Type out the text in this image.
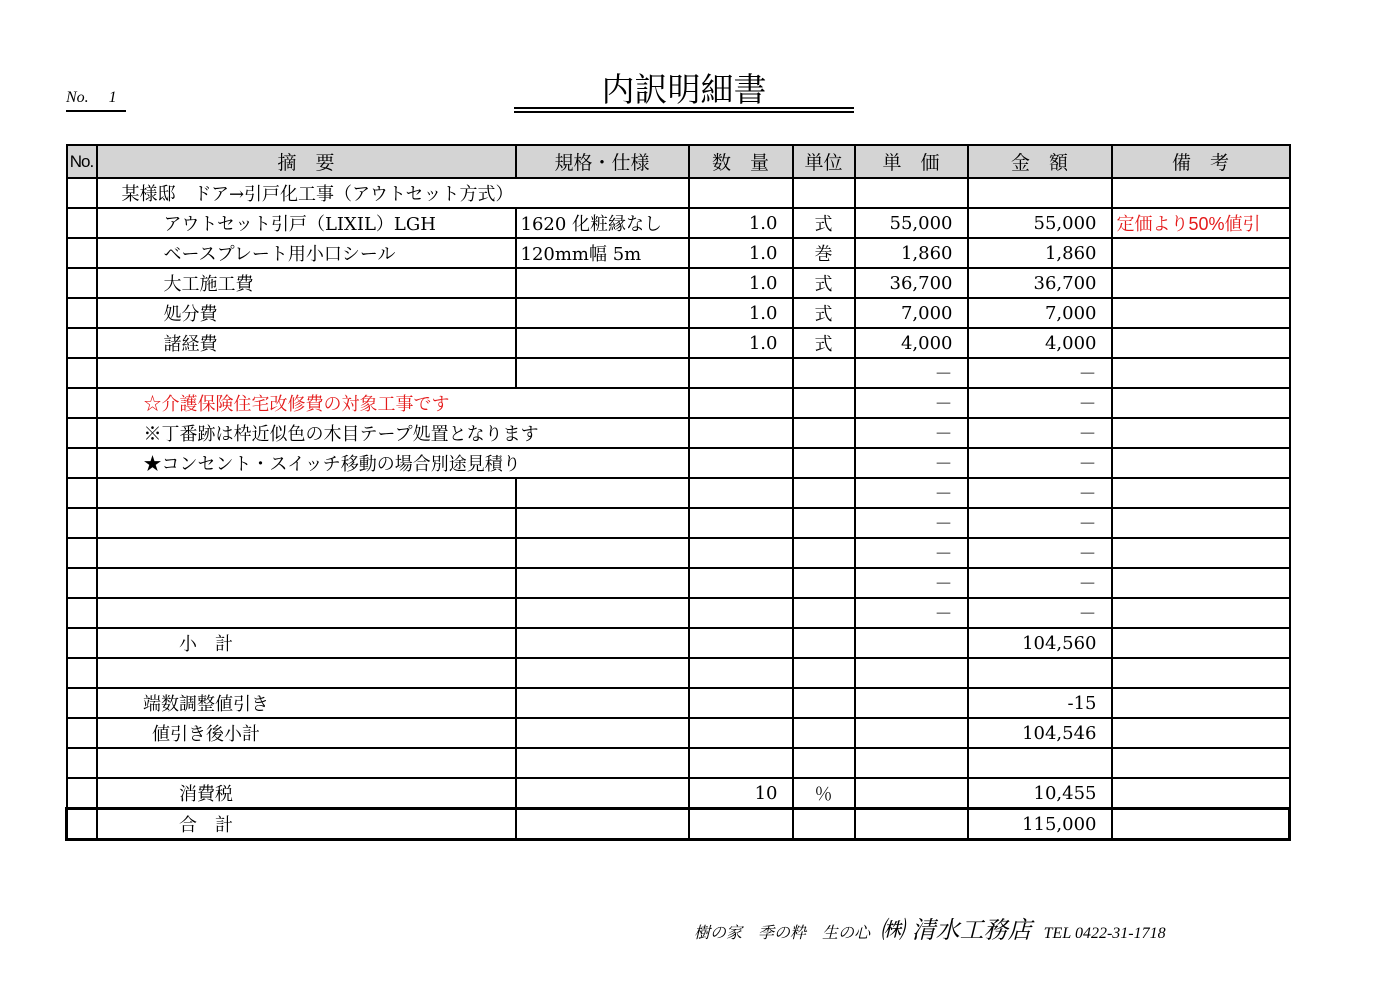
No. 1	内訳明細書
No.	摘　要	規格・仕様	数　量	単位	単　価	金　額	備　考
	某様邸　ドア→引戸化工事（アウトセット方式）						
	アウトセット引戸（LIXIL）LGH	1620 化粧縁なし	1.0	式	55,000	55,000	定価より50%値引
	ベースプレート用小口シール	120mm幅 5m	1.0	巻	1,860	1,860	
	大工施工費		1.0	式	36,700	36,700	
	処分費		1.0	式	7,000	7,000	
	諸経費		1.0	式	4,000	4,000	
					－	－	
	☆介護保険住宅改修費の対象工事です				－	－	
	※丁番跡は枠近似色の木目テープ処置となります				－	－	
	★コンセント・スイッチ移動の場合別途見積り				－	－	
					－	－	
					－	－	
					－	－	
					－	－	
					－	－	
	小　計					104,560	

	端数調整値引き					-15	
	値引き後小計					104,546	

	消費税		10	％		10,455	
	合　計					115,000	
樹の家　季の粋　生の心 ㈱ 清水工務店 TEL 0422-31-1718
